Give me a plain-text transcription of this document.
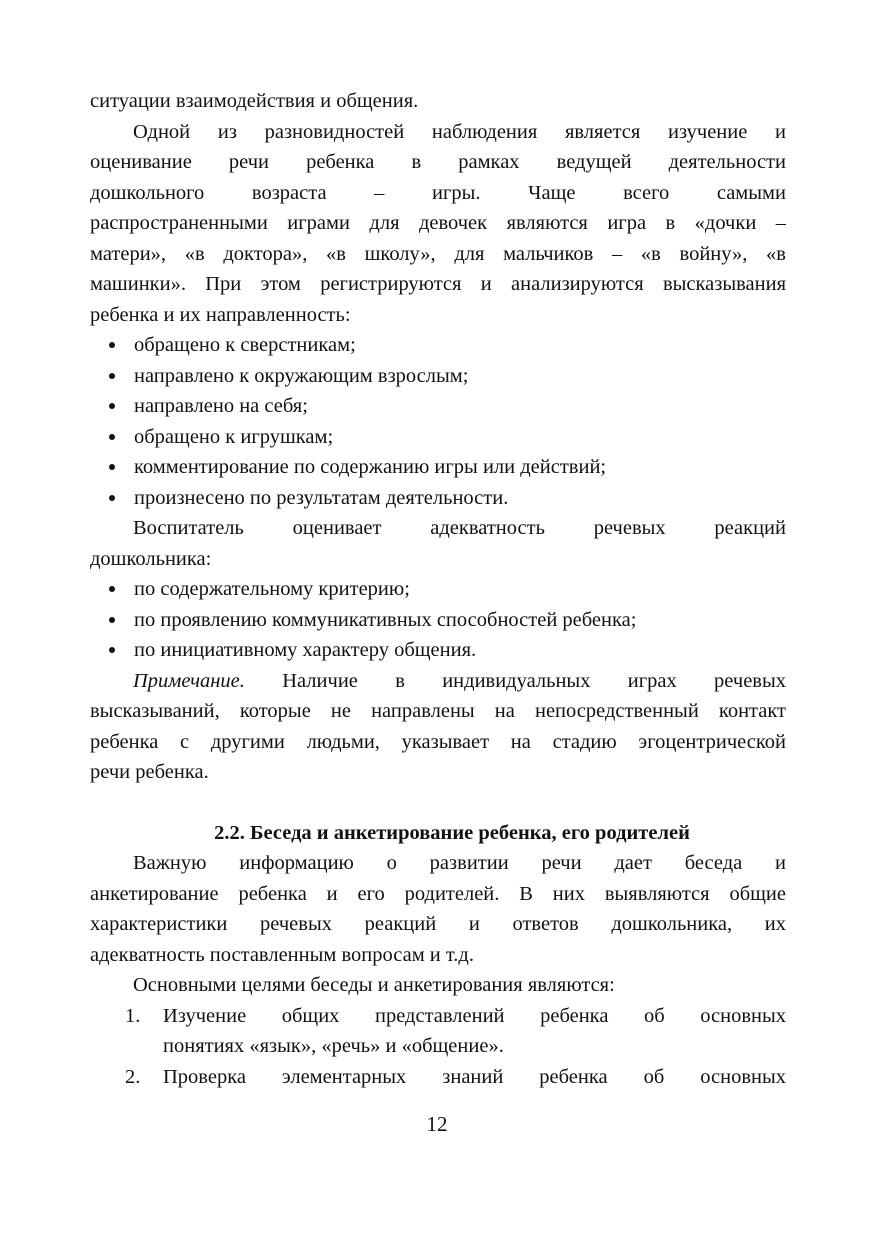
ситуации взаимодействия и общения.
Одной из разновидностей наблюдения является изучение и
оценивание речи ребенка в рамках ведущей деятельности
дошкольного возраста – игры. Чаще всего самыми
распространенными играми для девочек являются игра в «дочки –
матери», «в доктора», «в школу», для мальчиков – «в войну», «в
машинки». При этом регистрируются и анализируются высказывания
ребенка и их направленность:
обращено к сверстникам;
направлено к окружающим взрослым;
направлено на себя;
обращено к игрушкам;
комментирование по содержанию игры или действий;
произнесено по результатам деятельности.
Воспитатель оценивает адекватность речевых реакций
дошкольника:
по содержательному критерию;
по проявлению коммуникативных способностей ребенка;
по инициативному характеру общения.
Примечание. Наличие в индивидуальных играх речевых
высказываний, которые не направлены на непосредственный контакт
ребенка с другими людьми, указывает на стадию эгоцентрической
речи ребенка.
2.2. Беседа и анкетирование ребенка, его родителей
Важную информацию о развитии речи дает беседа и
анкетирование ребенка и его родителей. В них выявляются общие
характеристики речевых реакций и ответов дошкольника, их
адекватность поставленным вопросам и т.д.
Основными целями беседы и анкетирования являются:
1. Изучение общих представлений ребенка об основных
понятиях «язык», «речь» и «общение».
2. Проверка элементарных знаний ребенка об основных
12
